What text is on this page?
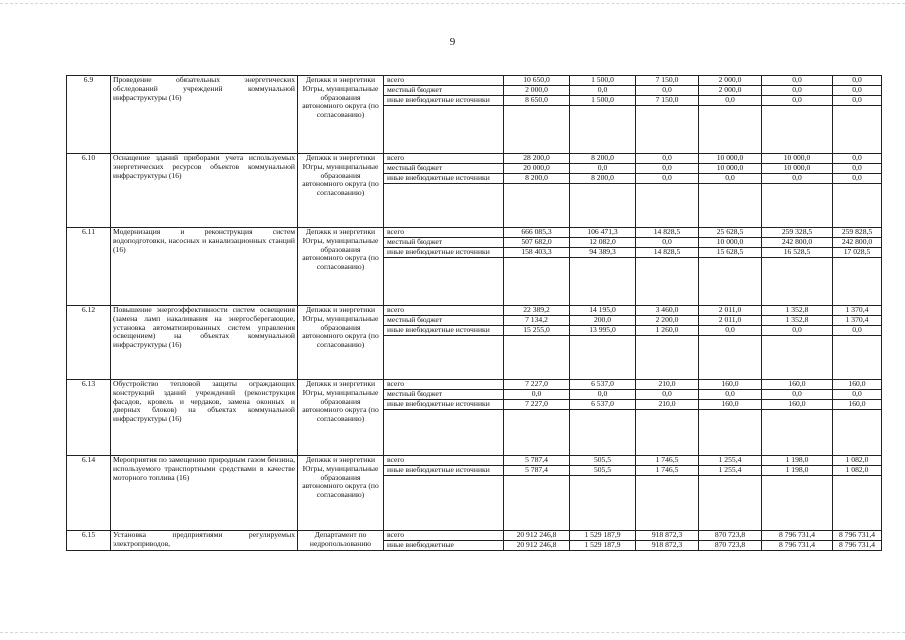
9
6.9	Проведение обязательных энергетических обследований учреждений коммунальной инфраструктуры (16)	Депжкк и энергетики Югры, муниципальные образования автономного округа (по согласованию)	всего	10 650,0	1 500,0	7 150,0	2 000,0	0,0	0,0
			местный бюджет	2 000,0	0,0	0,0	2 000,0	0,0	0,0
			иные внебюджетные источники	8 650,0	1 500,0	7 150,0	0,0	0,0	0,0

6.10	Оснащение зданий приборами учета используемых энергетических ресурсов объектов коммунальной инфраструктуры (16)	Депжкк и энергетики Югры, муниципальные образования автономного округа (по согласованию)	всего	28 200,0	8 200,0	0,0	10 000,0	10 000,0	0,0
			местный бюджет	20 000,0	0,0	0,0	10 000,0	10 000,0	0,0
			иные внебюджетные источники	8 200,0	8 200,0	0,0	0,0	0,0	0,0

6.11	Модернизация и реконструкция систем водоподготовки, насосных и канализационных станций (16)	Депжкк и энергетики Югры, муниципальные образования автономного округа (по согласованию)	всего	666 085,3	106 471,3	14 828,5	25 628,5	259 328,5	259 828,5
			местный бюджет	507 682,0	12 082,0	0,0	10 000,0	242 800,0	242 800,0
			иные внебюджетные источники	158 403,3	94 389,3	14 828,5	15 628,5	16 528,5	17 028,5

6.12	Повышение энергоэффективности систем освещения (замена ламп накаливания на энергосберегающие, установка автоматизированных систем управления освещением) на объектах коммунальной инфраструктуры (16)	Депжкк и энергетики Югры, муниципальные образования автономного округа (по согласованию)	всего	22 389,2	14 195,0	3 460,0	2 011,0	1 352,8	1 370,4
			местный бюджет	7 134,2	200,0	2 200,0	2 011,0	1 352,8	1 370,4
			иные внебюджетные источники	15 255,0	13 995,0	1 260,0	0,0	0,0	0,0

6.13	Обустройство тепловой защиты ограждающих конструкций зданий учреждений (реконструкция фасадов, кровель и чердаков, замена оконных и дверных блоков) на объектах коммунальной инфраструктуры (16)	Депжкк и энергетики Югры, муниципальные образования автономного округа (по согласованию)	всего	7 227,0	6 537,0	210,0	160,0	160,0	160,0
			местный бюджет	0,0	0,0	0,0	0,0	0,0	0,0
			иные внебюджетные источники	7 227,0	6 537,0	210,0	160,0	160,0	160,0

6.14	Мероприятия по замещению природным газом бензина, используемого транспортными средствами в качестве моторного топлива (16)	Депжкк и энергетики Югры, муниципальные образования автономного округа (по согласованию)	всего	5 787,4	505,5	1 746,5	1 255,4	1 198,0	1 082,0
			иные внебюджетные источники	5 787,4	505,5	1 746,5	1 255,4	1 198,0	1 082,0

6.15	Установка предприятиями регулируемых электроприводов,	Департамент по недропользованию	всего	20 912 246,8	1 529 187,9	918 872,3	870 723,8	8 796 731,4	8 796 731,4
			иные внебюджетные	20 912 246,8	1 529 187,9	918 872,3	870 723,8	8 796 731,4	8 796 731,4
